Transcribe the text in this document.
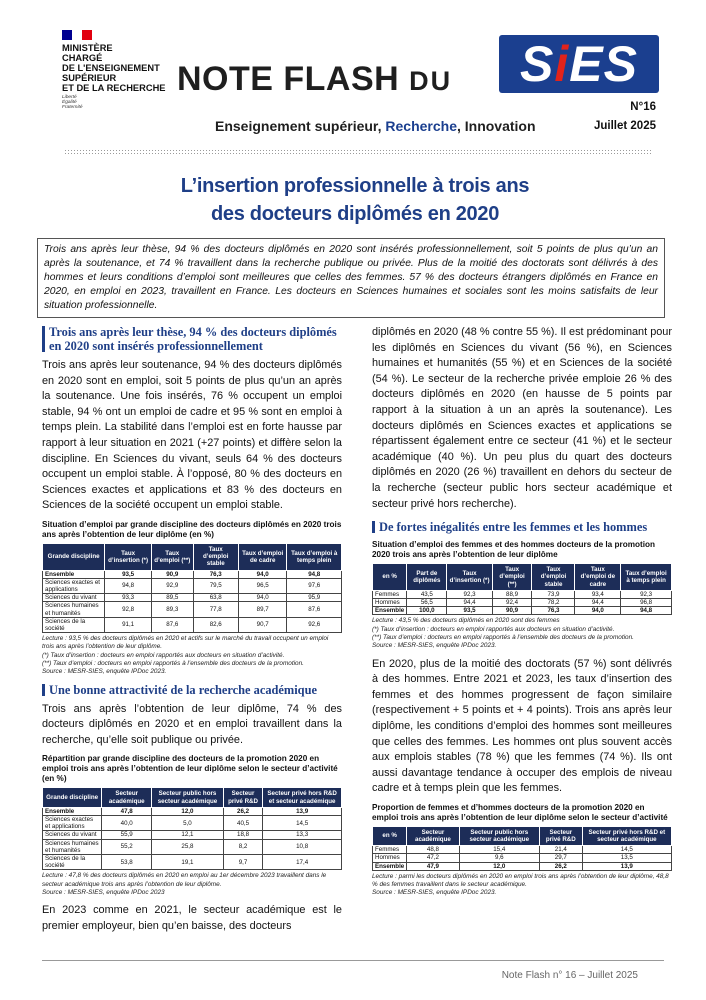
MINISTÈRE
CHARGÉ
DE L'ENSEIGNEMENT
SUPÉRIEUR
ET DE LA RECHERCHE
Liberté
Égalité
Fraternité
NOTE FLASH DU	SiES
N°16
Enseignement supérieur, Recherche, Innovation	Juillet 2025
L’insertion professionnelle à trois ans
des docteurs diplômés en 2020
Trois ans après leur thèse, 94 % des docteurs diplômés en 2020 sont insérés professionnellement, soit 5 points de plus qu’un an après la soutenance, et 74 % travaillent dans la recherche publique ou privée. Plus de la moitié des doctorats sont délivrés à des hommes et leurs conditions d’emploi sont meilleures que celles des femmes. 57 % des docteurs étrangers diplômés en France en 2020, en emploi en 2023, travaillent en France. Les docteurs en Sciences humaines et sociales sont les moins satisfaits de leur situation professionnelle.
Trois ans après leur thèse, 94 % des docteurs diplômés en 2020 sont insérés professionnellement
Trois ans après leur soutenance, 94 % des docteurs diplômés en 2020 sont en emploi, soit 5 points de plus qu’un an après la soutenance. Une fois insérés, 76 % occupent un emploi stable, 94 % ont un emploi de cadre et 95 % sont en emploi à temps plein. La stabilité dans l’emploi est en forte hausse par rapport à leur situation en 2021 (+27 points) et diffère selon la discipline. En Sciences du vivant, seuls 64 % des docteurs occupent un emploi stable. À l’opposé, 80 % des docteurs en Sciences exactes et applications et 83 % des docteurs en Sciences de la société occupent un emploi stable.
Situation d’emploi par grande discipline des docteurs diplômés en 2020 trois ans après l’obtention de leur diplôme (en %)
Grande discipline	Taux d’insertion (*)	Taux d’emploi (**)	Taux d’emploi stable	Taux d’emploi de cadre	Taux d’emploi à temps plein
Ensemble	93,5	90,9	76,3	94,0	94,8
Sciences exactes et applications	94,8	92,9	79,5	96,5	97,6
Sciences du vivant	93,3	89,5	63,8	94,0	95,9
Sciences humaines et humanités	92,8	89,3	77,8	89,7	87,6
Sciences de la société	91,1	87,6	82,6	90,7	92,6
Lecture : 93,5 % des docteurs diplômés en 2020 et actifs sur le marché du travail occupent un emploi trois ans après l’obtention de leur diplôme.
(*) Taux d’insertion : docteurs en emploi rapportés aux docteurs en situation d’activité.
(**) Taux d’emploi : docteurs en emploi rapportés à l’ensemble des docteurs de la promotion.
Source : MESR-SIES, enquête IPDoc 2023.
Une bonne attractivité de la recherche académique
Trois ans après l’obtention de leur diplôme, 74 % des docteurs diplômés en 2020 et en emploi travaillent dans la recherche, qu’elle soit publique ou privée.
Répartition par grande discipline des docteurs de la promotion 2020 en emploi trois ans après l’obtention de leur diplôme selon le secteur d’activité (en %)
Grande discipline	Secteur académique	Secteur public hors secteur académique	Secteur privé R&D	Secteur privé hors R&D et secteur académique
Ensemble	47,8	12,0	26,2	13,9
Sciences exactes et applications	40,0	5,0	40,5	14,5
Sciences du vivant	55,9	12,1	18,8	13,3
Sciences humaines et humanités	55,2	25,8	8,2	10,8
Sciences de la société	53,8	19,1	9,7	17,4
Lecture : 47,8 % des docteurs diplômés en 2020 en emploi au 1er décembre 2023 travaillent dans le secteur académique trois ans après l’obtention de leur diplôme.
Source : MESR-SIES, enquête IPDoc 2023
En 2023 comme en 2021, le secteur académique est le premier employeur, bien qu’en baisse, des docteurs
diplômés en 2020 (48 % contre 55 %). Il est prédominant pour les diplômés en Sciences du vivant (56 %), en Sciences humaines et humanités (55 %) et en Sciences de la société (54 %). Le secteur de la recherche privée emploie 26 % des docteurs diplômés en 2020 (en hausse de 5 points par rapport à la situation à un an après la soutenance). Les docteurs diplômés en Sciences exactes et applications se répartissent également entre ce secteur (41 %) et le secteur académique (40 %). Un peu plus du quart des docteurs diplômés en 2020 (26 %) travaillent en dehors du secteur de la recherche (secteur public hors secteur académique et secteur privé hors recherche).
De fortes inégalités entre les femmes et les hommes
Situation d’emploi des femmes et des hommes docteurs de la promotion 2020 trois ans après l’obtention de leur diplôme
en %	Part de diplômés	Taux d’insertion (*)	Taux d’emploi (**)	Taux d’emploi stable	Taux d’emploi de cadre	Taux d’emploi à temps plein
Femmes	43,5	92,3	88,9	73,9	93,4	92,3
Hommes	56,5	94,4	92,4	78,2	94,4	96,8
Ensemble	100,0	93,5	90,9	76,3	94,0	94,8
Lecture : 43,5 % des docteurs diplômés en 2020 sont des femmes
(*) Taux d’insertion : docteurs en emploi rapportés aux docteurs en situation d’activité.
(**) Taux d’emploi : docteurs en emploi rapportés à l’ensemble des docteurs de la promotion.
Source : MESR-SIES, enquête IPDoc 2023.
En 2020, plus de la moitié des doctorats (57 %) sont délivrés à des hommes. Entre 2021 et 2023, les taux d’insertion des femmes et des hommes progressent de façon similaire (respectivement + 5 points et + 4 points). Trois ans après leur diplôme, les conditions d’emploi des hommes sont meilleures que celles des femmes. Les hommes ont plus souvent accès aux emplois stables (78 %) que les femmes (74 %). Ils ont aussi davantage tendance à occuper des emplois de niveau cadre et à temps plein que les femmes.
Proportion de femmes et d’hommes docteurs de la promotion 2020 en emploi trois ans après l’obtention de leur diplôme selon le secteur d’activité
en %	Secteur académique	Secteur public hors secteur académique	Secteur privé R&D	Secteur privé hors R&D et secteur académique
Femmes	48,8	15,4	21,4	14,5
Hommes	47,2	9,6	29,7	13,5
Ensemble	47,9	12,0	26,2	13,9
Lecture : parmi les docteurs diplômés en 2020 en emploi trois ans après l’obtention de leur diplôme, 48,8 % des femmes travaillent dans le secteur académique.
Source : MESR-SIES, enquête IPDoc 2023.
Note Flash n° 16 – Juillet 2025
